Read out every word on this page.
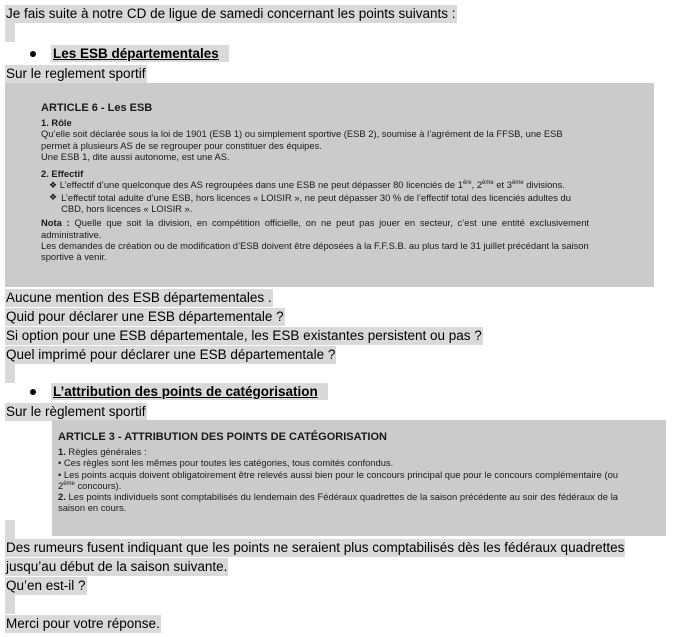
Je fais suite à notre CD de ligue de samedi concernant les points suivants :
Les ESB départementales
Sur le reglement sportif
ARTICLE 6 - Les ESB
1. Rôle
Qu’elle soit déclarée sous la loi de 1901 (ESB 1) ou simplement sportive (ESB 2), soumise à l’agrément de la FFSB, une ESB permet à plusieurs AS de se regrouper pour constituer des équipes.
Une ESB 1, dite aussi autonome, est une AS.
2. Effectif
❖ L’effectif d’une quelconque des AS regroupées dans une ESB ne peut dépasser 80 licenciés de 1ère, 2ème et 3ème divisions.
❖ L’effectif total adulte d’une ESB, hors licences « LOISIR », ne peut dépasser 30 % de l’effectif total des licenciés adultes du CBD, hors licences « LOISIR ».
Nota : Quelle que soit la division, en compétition officielle, on ne peut pas jouer en secteur, c’est une entité exclusivement administrative.
Les demandes de création ou de modification d’ESB doivent être déposées à la F.F.S.B. au plus tard le 31 juillet précédant la saison sportive à venir.
Aucune mention des ESB départementales .
Quid pour déclarer une ESB départementale ?
Si option pour une ESB départementale, les ESB existantes persistent ou pas ?
Quel imprimé pour déclarer une ESB départementale ?
L’attribution des points de catégorisation
Sur le règlement sportif
ARTICLE 3 - ATTRIBUTION DES POINTS DE CATÉGORISATION
1. Règles générales :
• Ces règles sont les mêmes pour toutes les catégories, tous comités confondus.
• Les points acquis doivent obligatoirement être relevés aussi bien pour le concours principal que pour le concours complémentaire (ou 2ème concours).
2. Les points individuels sont comptabilisés du lendemain des Fédéraux quadrettes de la saison précédente au soir des fédéraux de la saison en cours.
Des rumeurs fusent indiquant que les points ne seraient plus comptabilisés dès les fédéraux quadrettes
jusqu’au début de la saison suivante.
Qu’en est-il ?
Merci pour votre réponse.
